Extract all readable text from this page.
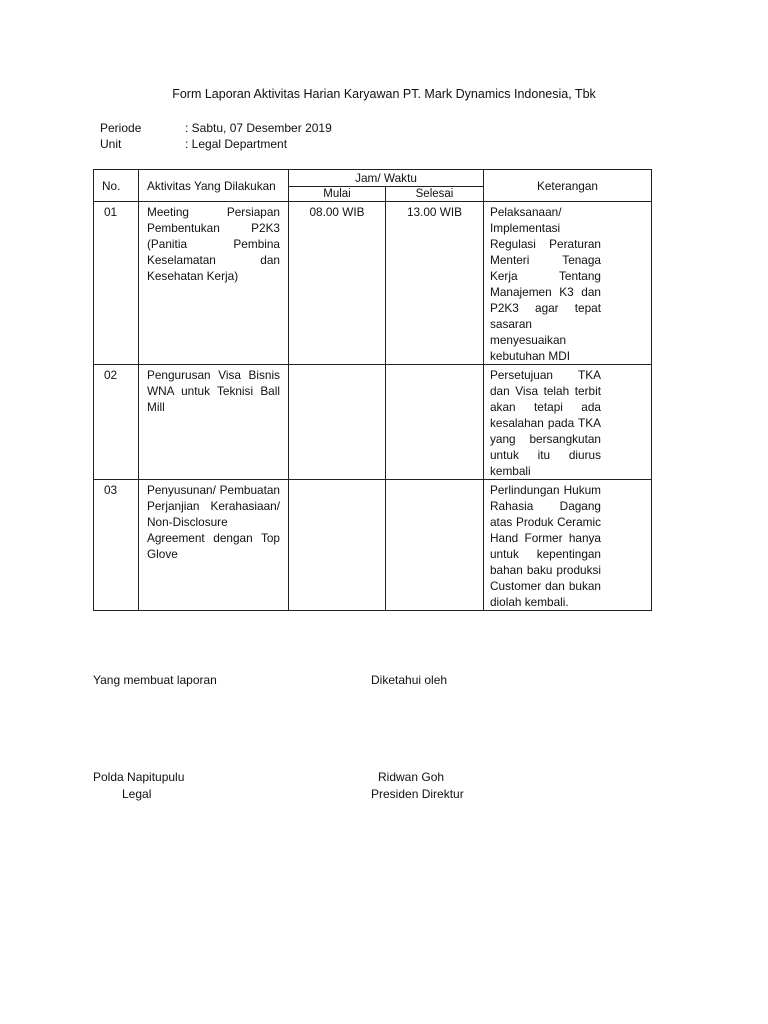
Form Laporan Aktivitas Harian Karyawan PT. Mark Dynamics Indonesia, Tbk
Periode	: Sabtu, 07 Desember 2019
Unit	: Legal Department
No.	Aktivitas Yang Dilakukan	Jam/ Waktu		Keterangan
		Mulai	Selesai	
01	Meeting Persiapan Pembentukan P2K3 (Panitia Pembina Keselamatan dan Kesehatan Kerja)	08.00 WIB	13.00 WIB	Pelaksanaan/ Implementasi Regulasi Peraturan Menteri Tenaga Kerja Tentang Manajemen K3 dan P2K3 agar tepat sasaran menyesuaikan kebutuhan MDI
02	Pengurusan Visa Bisnis WNA untuk Teknisi Ball Mill			Persetujuan TKA dan Visa telah terbit akan tetapi ada kesalahan pada TKA yang bersangkutan untuk itu diurus kembali
03	Penyusunan/ Pembuatan Perjanjian Kerahasiaan/ Non-Disclosure Agreement dengan Top Glove			Perlindungan Hukum Rahasia Dagang atas Produk Ceramic Hand Former hanya untuk kepentingan bahan baku produksi Customer dan bukan diolah kembali.
Yang membuat laporan	Diketahui oleh
Polda Napitupulu
Legal
Ridwan Goh
Presiden Direktur
